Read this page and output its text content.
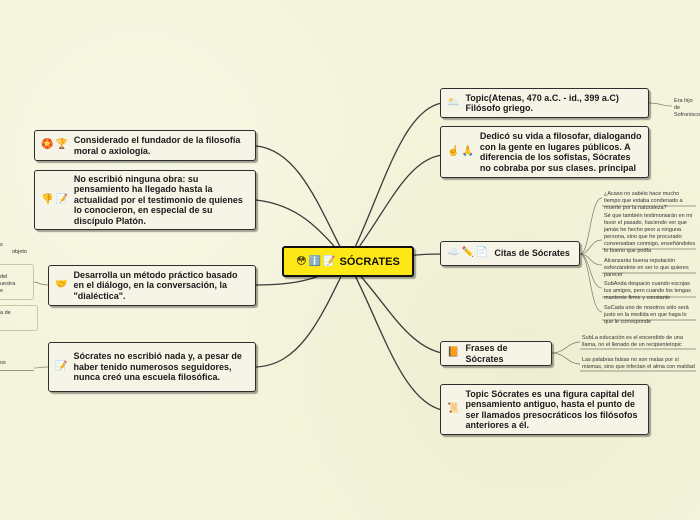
😳 ℹ️ 📝 SÓCRATES
🌥️ Topic(Atenas, 470 a.C. - id., 399 a.C) Filósofo griego.
☝️ 🙏
Dedicó su vida a filosofar, dialogando con la gente en lugares públicos. A diferencia de los sofistas, Sócrates no cobraba por sus clases. principal
☁️ ✏️ 📄 Citas de Sócrates
📙 Frases de Sócrates
📜
Topic Sócrates es una figura capital del pensamiento antiguo, hasta el punto de ser llamados presocráticos los filósofos anteriores a él.
🏵️ 🏆 Considerado el fundador de la filosofía moral o axiología.
👎 📝
No escribió ninguna obra: su pensamiento ha llegado hasta la actualidad por el testimonio de quienes lo conocieron, en especial de su discípulo Platón.
🤝
Desarrolla un método práctico basado en el diálogo, en la conversación, la "dialéctica".
📝
Sócrates no escribió nada y, a pesar de haber tenido numerosos seguidores, nunca creó una escuela filosófica.
Era hijo de
Sofronisco
¿Acaso no sabéis hace mucho tiempo que estaba condenado a muerte por la naturaleza?
Sé que también testimoniarán en mi favor el pasado, haciendo ver que jamás he hecho peor a ninguna persona, sino que he procurado conversaban conmigo, enseñándoles lo bueno que podía
Alcanzarás buena reputación esforzándote en ser lo que quieres parecer
SubAnda despacio cuando escojas tus amigos, pero cuando los tengas mantente firme y constante
SuCada uno de nosotros sólo será justo en la medida en que haga lo que le corresponde
SubLa educación es el encendido de una llama, no el llenado de un recipientetopic
Las palabras falsas no son malas por sí mismas, sino que infectan el alma con maldad
s
objeto
del
uestra
e
a de
os
